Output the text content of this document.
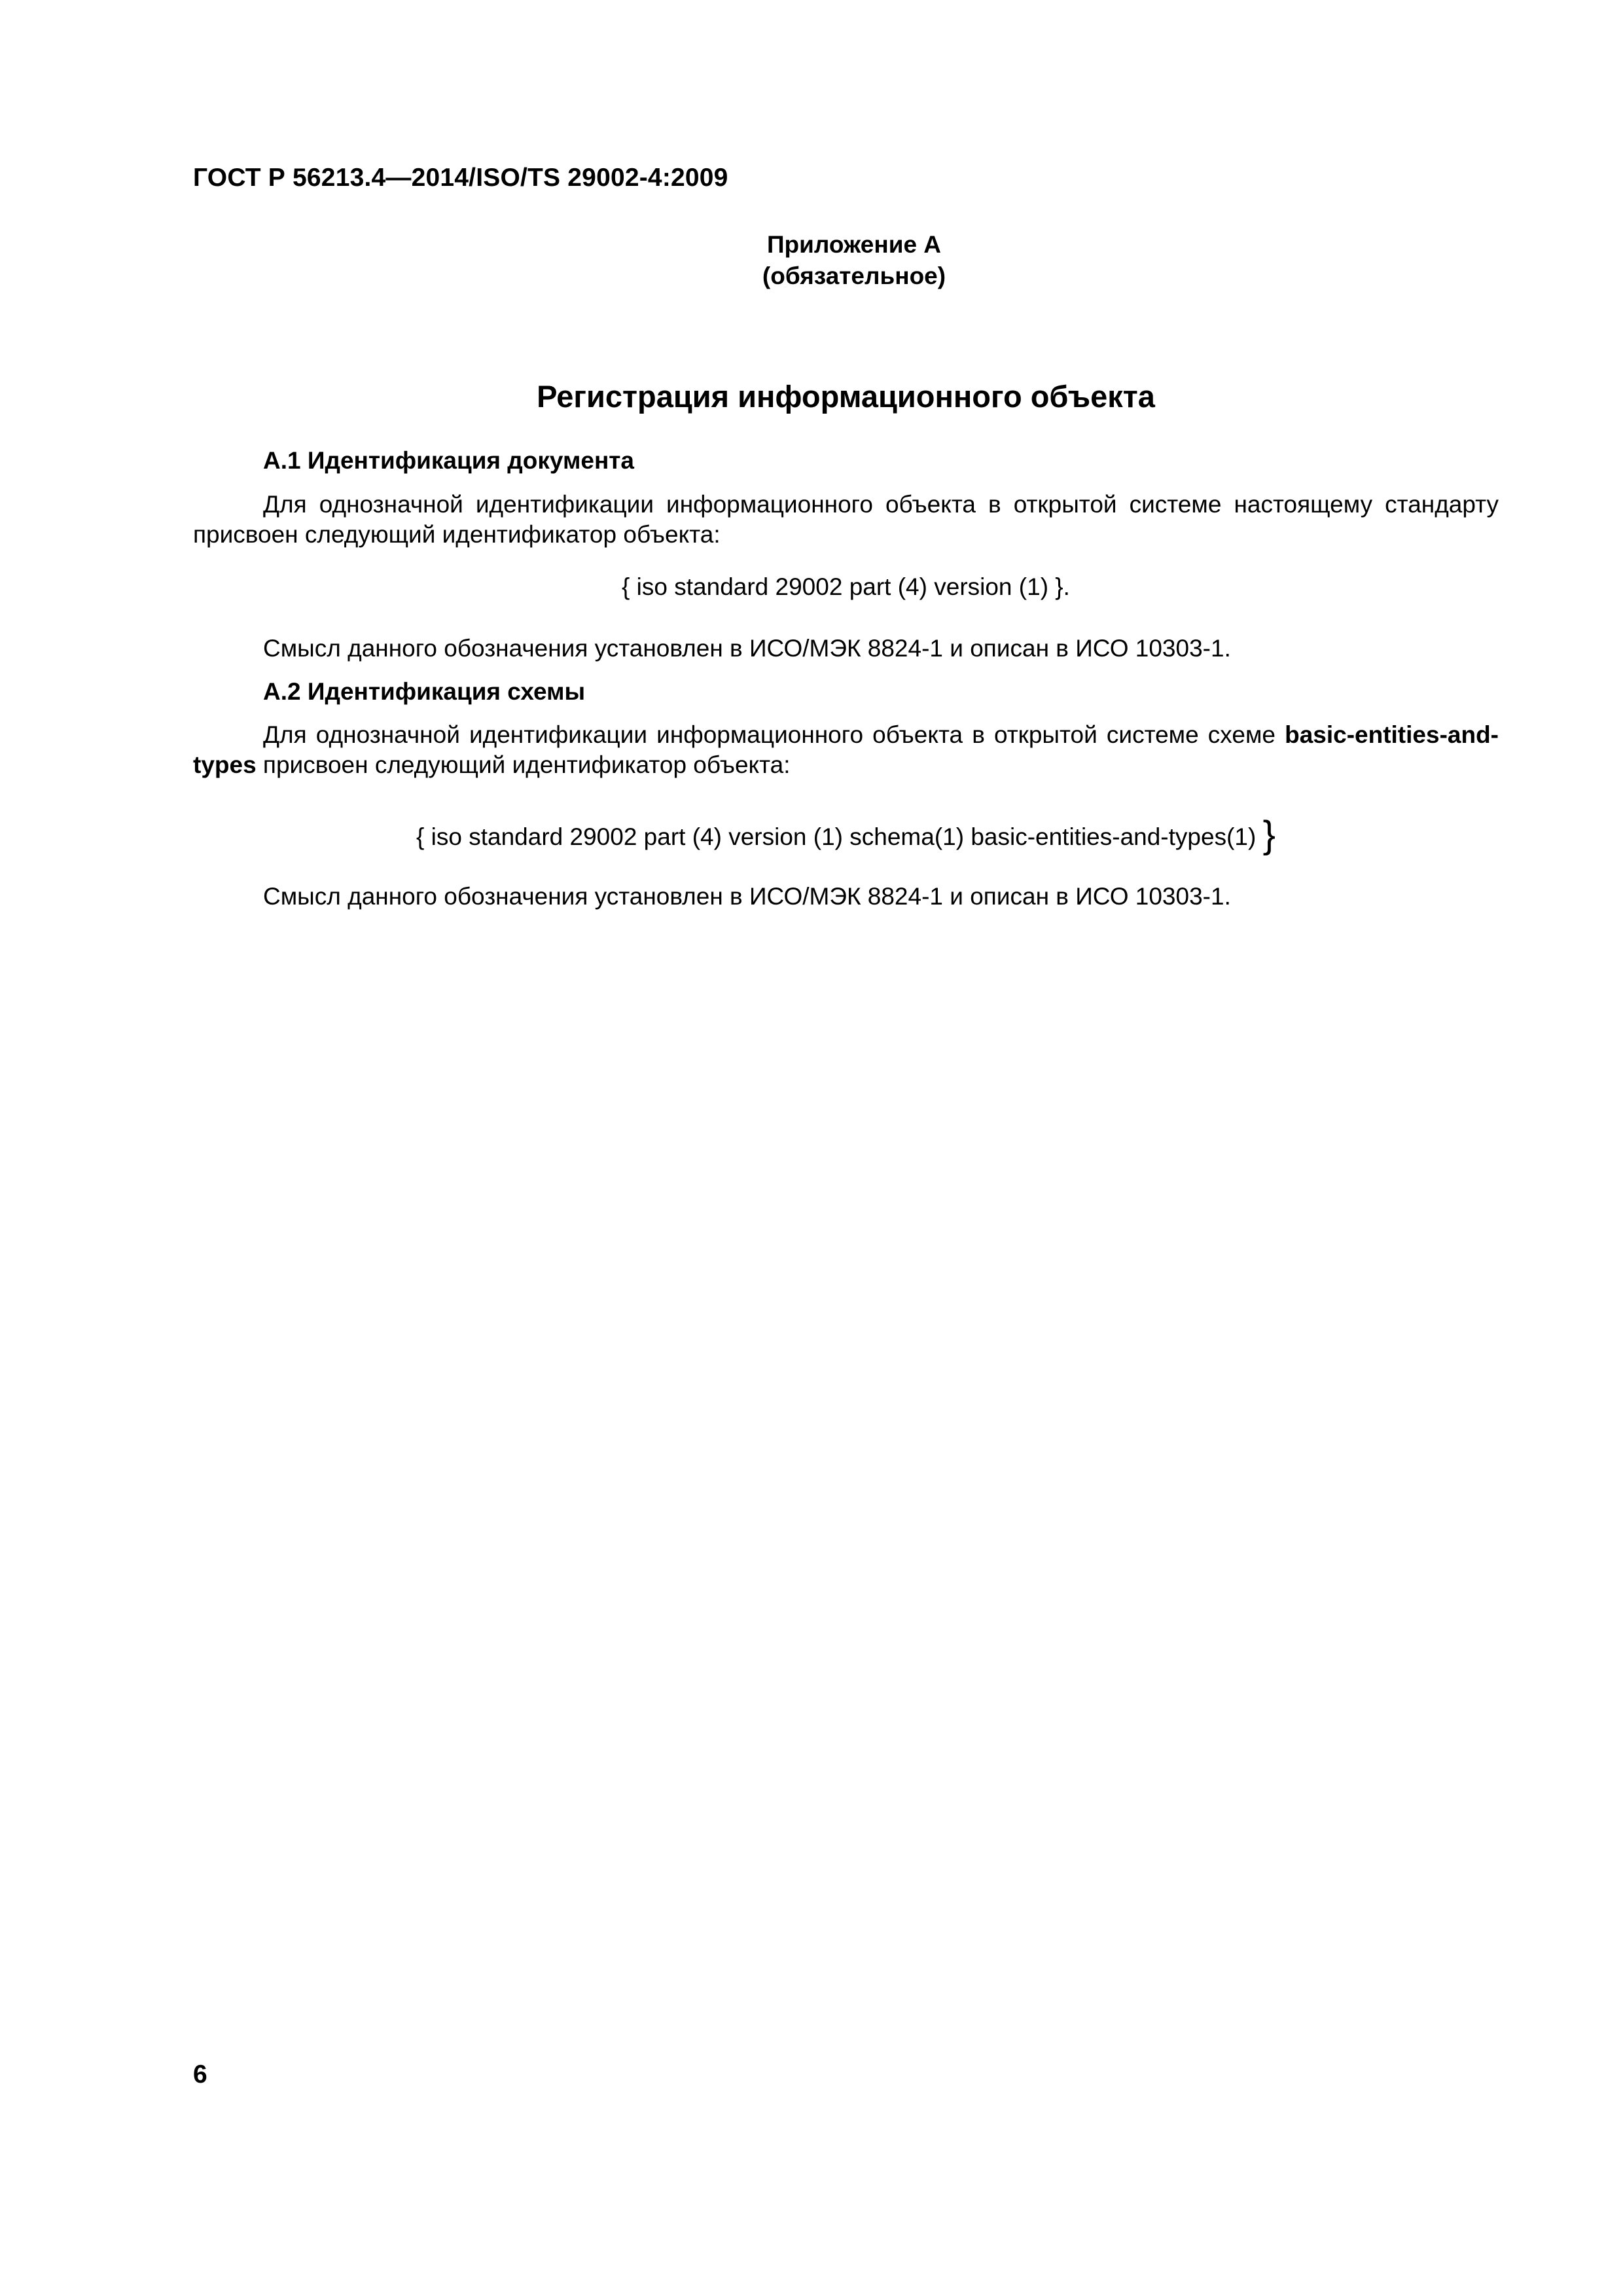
ГОСТ Р 56213.4—2014/ISO/TS 29002-4:2009
Приложение А
(обязательное)
Регистрация информационного объекта
А.1 Идентификация документа
Для однозначной идентификации информационного объекта в открытой системе настоящему стандарту присвоен следующий идентификатор объекта:
{ iso standard 29002 part (4) version (1) }.
Смысл данного обозначения установлен в ИСО/МЭК 8824-1 и описан в ИСО 10303-1.
А.2 Идентификация схемы
Для однозначной идентификации информационного объекта в открытой системе схеме basic-entities-and-types присвоен следующий идентификатор объекта:
{ iso standard 29002 part (4) version (1) schema(1) basic-entities-and-types(1) }
Смысл данного обозначения установлен в ИСО/МЭК 8824-1 и описан в ИСО 10303-1.
6
